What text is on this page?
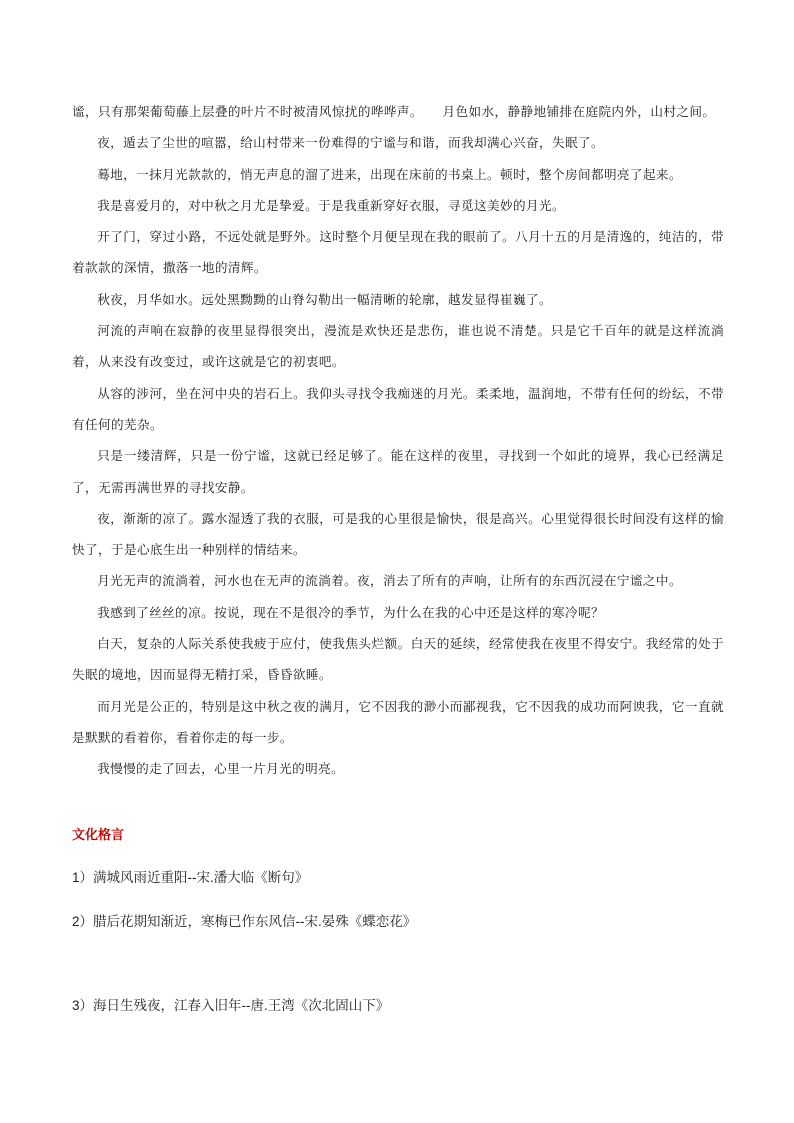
谧，只有那架葡萄藤上层叠的叶片不时被清风惊扰的哗哗声。　　月色如水，静静地铺排在庭院内外，山村之间。

夜，遁去了尘世的喧嚣，给山村带来一份难得的宁谧与和谐，而我却满心兴奋，失眠了。

蓦地，一抹月光款款的，悄无声息的溜了进来，出现在床前的书桌上。顿时，整个房间都明亮了起来。

我是喜爱月的，对中秋之月尤是挚爱。于是我重新穿好衣服，寻觅这美妙的月光。

开了门，穿过小路，不远处就是野外。这时整个月便呈现在我的眼前了。八月十五的月是清逸的，纯洁的，带着款款的深情，撒落一地的清辉。

秋夜，月华如水。远处黑黝黝的山脊勾勒出一幅清晰的轮廓，越发显得崔巍了。

河流的声响在寂静的夜里显得很突出，漫流是欢快还是悲伤，谁也说不清楚。只是它千百年的就是这样流淌着，从来没有改变过，或许这就是它的初衷吧。

从容的涉河，坐在河中央的岩石上。我仰头寻找令我痴迷的月光。柔柔地，温润地，不带有任何的纷纭，不带有任何的芜杂。

只是一缕清辉，只是一份宁谧，这就已经足够了。能在这样的夜里，寻找到一个如此的境界，我心已经满足了，无需再满世界的寻找安静。

夜，渐渐的凉了。露水湿透了我的衣服，可是我的心里很是愉快，很是高兴。心里觉得很长时间没有这样的愉快了，于是心底生出一种别样的情结来。

月光无声的流淌着，河水也在无声的流淌着。夜，消去了所有的声响，让所有的东西沉浸在宁谧之中。

我感到了丝丝的凉。按说，现在不是很冷的季节，为什么在我的心中还是这样的寒冷呢？

白天，复杂的人际关系使我疲于应付，使我焦头烂额。白天的延续，经常使我在夜里不得安宁。我经常的处于失眠的境地，因而显得无精打采，昏昏欲睡。

而月光是公正的，特别是这中秋之夜的满月，它不因我的渺小而鄙视我，它不因我的成功而阿谀我，它一直就是默默的看着你，看着你走的每一步。

我慢慢的走了回去，心里一片月光的明亮。

文化格言
1）满城风雨近重阳--宋.潘大临《断句》
2）腊后花期知渐近，寒梅已作东风信--宋.晏殊《蝶恋花》
3）海日生残夜，江春入旧年--唐.王湾《次北固山下》
